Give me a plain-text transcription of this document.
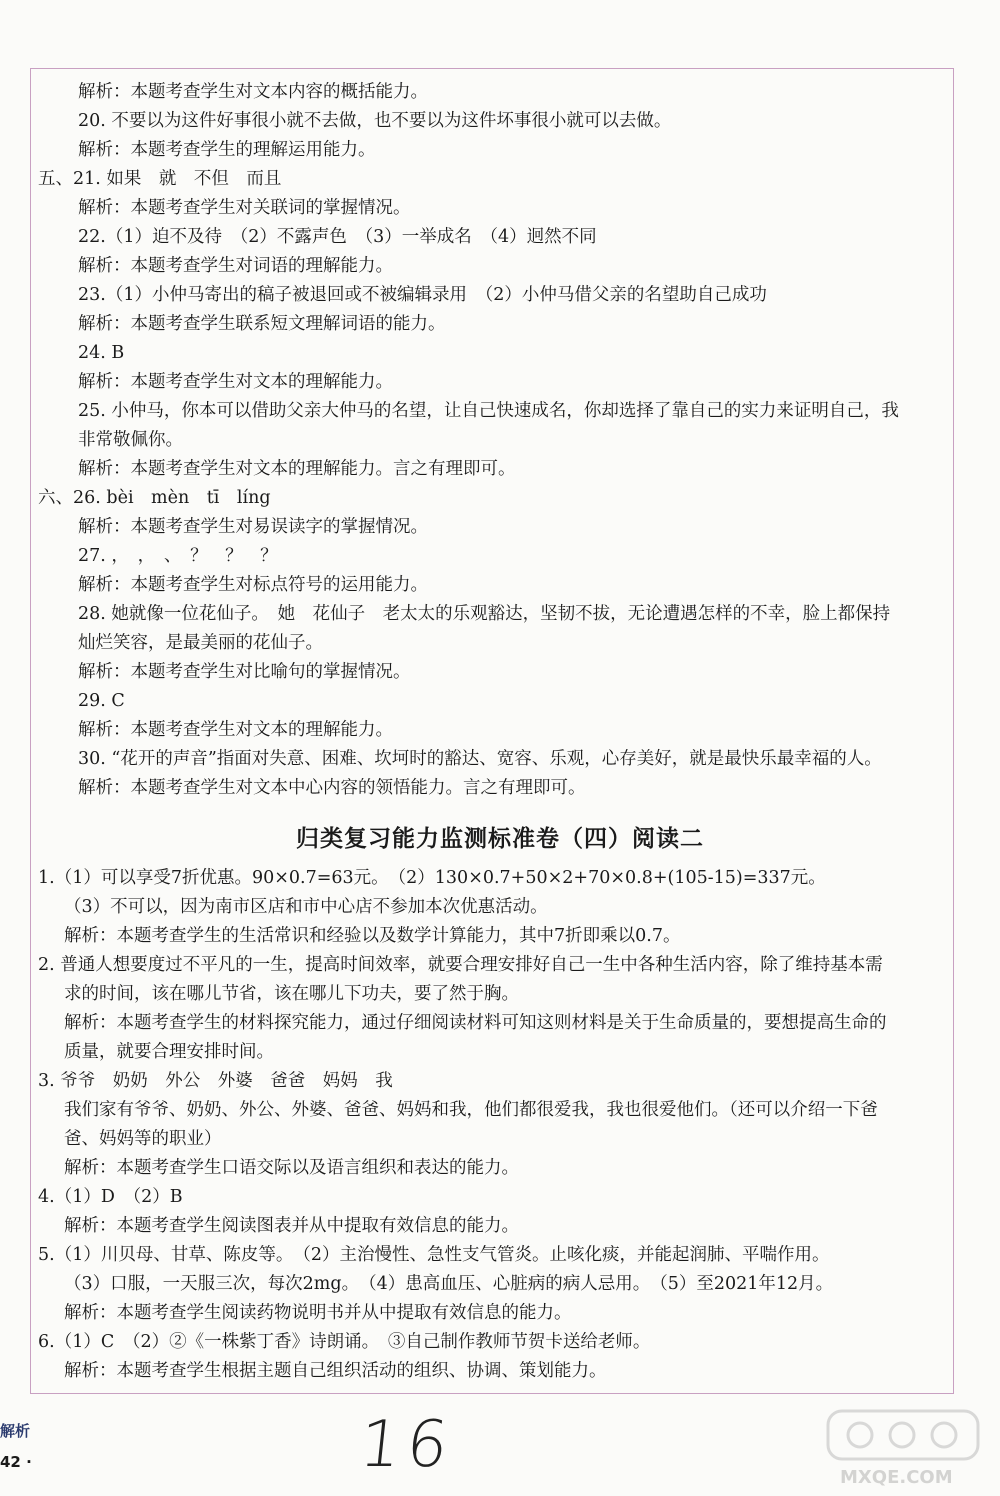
解析：本题考查学生对文本内容的概括能力。
20. 不要以为这件好事很小就不去做，也不要以为这件坏事很小就可以去做。
解析：本题考查学生的理解运用能力。
五、21. 如果　就　不但　而且
解析：本题考查学生对关联词的掌握情况。
22.（1）迫不及待　（2）不露声色　（3）一举成名　（4）迥然不同
解析：本题考查学生对词语的理解能力。
23.（1）小仲马寄出的稿子被退回或不被编辑录用　（2）小仲马借父亲的名望助自己成功
解析：本题考查学生联系短文理解词语的能力。
24. B
解析：本题考查学生对文本的理解能力。
25. 小仲马，你本可以借助父亲大仲马的名望，让自己快速成名，你却选择了靠自己的实力来证明自己，我
非常敬佩你。
解析：本题考查学生对文本的理解能力。言之有理即可。
六、26. bèi　mèn　tī　líng
解析：本题考查学生对易误读字的掌握情况。
27. ，　，　、　？　？　？
解析：本题考查学生对标点符号的运用能力。
28. 她就像一位花仙子。　她　花仙子　老太太的乐观豁达，坚韧不拔，无论遭遇怎样的不幸，脸上都保持
灿烂笑容，是最美丽的花仙子。
解析：本题考查学生对比喻句的掌握情况。
29. C
解析：本题考查学生对文本的理解能力。
30. “花开的声音”指面对失意、困难、坎坷时的豁达、宽容、乐观，心存美好，就是最快乐最幸福的人。
解析：本题考查学生对文本中心内容的领悟能力。言之有理即可。
归类复习能力监测标准卷（四）阅读二
1.（1）可以享受7折优惠。90×0.7=63元。　（2）130×0.7+50×2+70×0.8+(105-15)=337元。
（3）不可以，因为南市区店和市中心店不参加本次优惠活动。
解析：本题考查学生的生活常识和经验以及数学计算能力，其中7折即乘以0.7。
2. 普通人想要度过不平凡的一生，提高时间效率，就要合理安排好自己一生中各种生活内容，除了维持基本需
求的时间，该在哪儿节省，该在哪儿下功夫，要了然于胸。
解析：本题考查学生的材料探究能力，通过仔细阅读材料可知这则材料是关于生命质量的，要想提高生命的
质量，就要合理安排时间。
3. 爷爷　奶奶　外公　外婆　爸爸　妈妈　我
我们家有爷爷、奶奶、外公、外婆、爸爸、妈妈和我，他们都很爱我，我也很爱他们。（还可以介绍一下爸
爸、妈妈等的职业）
解析：本题考查学生口语交际以及语言组织和表达的能力。
4.（1）D　（2）B
解析：本题考查学生阅读图表并从中提取有效信息的能力。
5.（1）川贝母、甘草、陈皮等。　（2）主治慢性、急性支气管炎。止咳化痰，并能起润肺、平喘作用。
（3）口服，一天服三次，每次2mg。　（4）患高血压、心脏病的病人忌用。　（5）至2021年12月。
解析：本题考查学生阅读药物说明书并从中提取有效信息的能力。
6.（1）C　（2）②《一株紫丁香》诗朗诵。　③自己制作教师节贺卡送给老师。
解析：本题考查学生根据主题自己组织活动的组织、协调、策划能力。
解析
42 ·	16	MXQE.COM
